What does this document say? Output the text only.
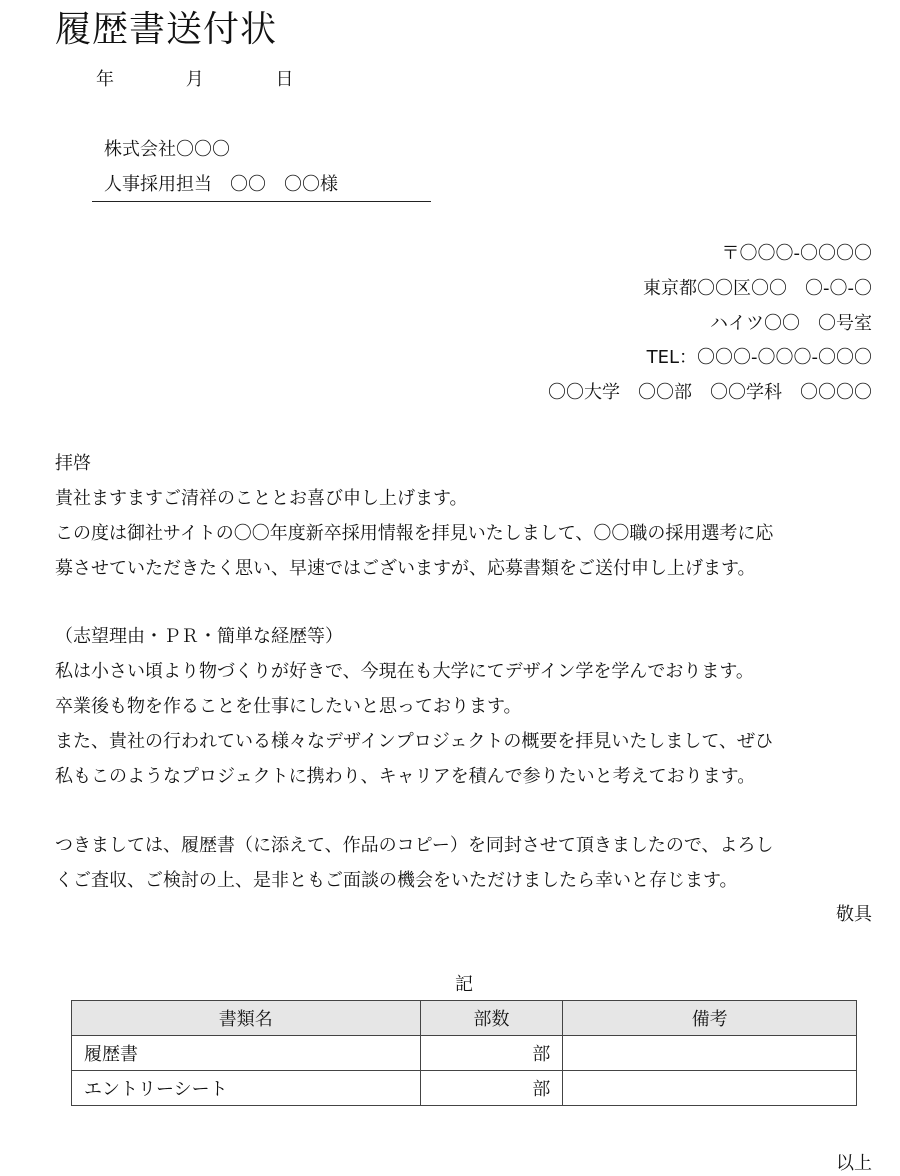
履歴書送付状
年	月	日
株式会社〇〇〇
人事採用担当　〇〇　〇〇様
〒〇〇〇-〇〇〇〇
東京都〇〇区〇〇　〇-〇-〇
ハイツ〇〇　〇号室
TEL：〇〇〇-〇〇〇-〇〇〇
〇〇大学　〇〇部　〇〇学科　〇〇〇〇
拝啓
貴社ますますご清祥のこととお喜び申し上げます。
この度は御社サイトの〇〇年度新卒採用情報を拝見いたしまして、〇〇職の採用選考に応
募させていただきたく思い、早速ではございますが、応募書類をご送付申し上げます。
（志望理由・ＰＲ・簡単な経歴等）
私は小さい頃より物づくりが好きで、今現在も大学にてデザイン学を学んでおります。
卒業後も物を作ることを仕事にしたいと思っております。
また、貴社の行われている様々なデザインプロジェクトの概要を拝見いたしまして、ぜひ
私もこのようなプロジェクトに携わり、キャリアを積んで参りたいと考えております。
つきましては、履歴書（に添えて、作品のコピー）を同封させて頂きましたので、よろし
くご査収、ご検討の上、是非ともご面談の機会をいただけましたら幸いと存じます。
敬具
記
書類名	部数	備考
履歴書	部	
エントリーシート	部	
以上
